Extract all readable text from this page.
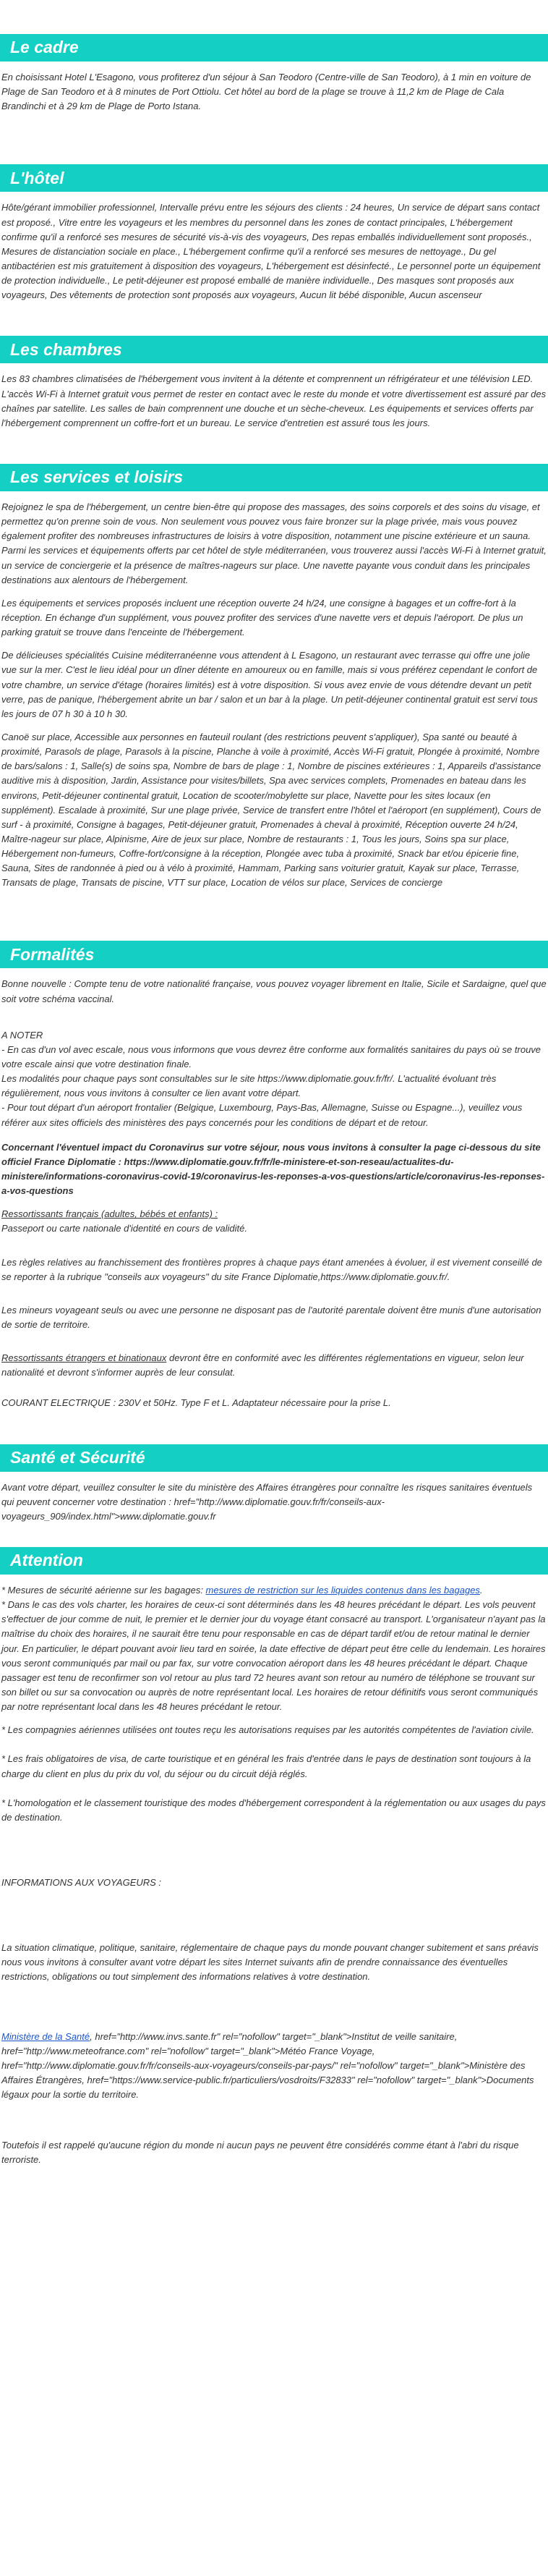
Le cadre

En choisissant Hotel L'Esagono, vous profiterez d'un séjour à San Teodoro (Centre-ville de San Teodoro), à 1 min en voiture de Plage de San Teodoro et à 8 minutes de Port Ottiolu. Cet hôtel au bord de la plage se trouve à 11,2 km de Plage de Cala Brandinchi et à 29 km de Plage de Porto Istana.

L'hôtel

Hôte/gérant immobilier professionnel, Intervalle prévu entre les séjours des clients : 24 heures, Un service de départ sans contact est proposé., Vitre entre les voyageurs et les membres du personnel dans les zones de contact principales, L'hébergement confirme qu'il a renforcé ses mesures de sécurité vis-à-vis des voyageurs, Des repas emballés individuellement sont proposés., Mesures de distanciation sociale en place., L'hébergement confirme qu'il a renforcé ses mesures de nettoyage., Du gel antibactérien est mis gratuitement à disposition des voyageurs, L'hébergement est désinfecté., Le personnel porte un équipement de protection individuelle., Le petit-déjeuner est proposé emballé de manière individuelle., Des masques sont proposés aux voyageurs, Des vêtements de protection sont proposés aux voyageurs, Aucun lit bébé disponible, Aucun ascenseur

Les chambres

Les 83 chambres climatisées de l'hébergement vous invitent à la détente et comprennent un réfrigérateur et une télévision LED. L'accès Wi-Fi à Internet gratuit vous permet de rester en contact avec le reste du monde et votre divertissement est assuré par des chaînes par satellite. Les salles de bain comprennent une douche et un sèche-cheveux. Les équipements et services offerts par l'hébergement comprennent un coffre-fort et un bureau. Le service d'entretien est assuré tous les jours.

Les services et loisirs

Rejoignez le spa de l'hébergement, un centre bien-être qui propose des massages, des soins corporels et des soins du visage, et permettez qu'on prenne soin de vous. Non seulement vous pouvez vous faire bronzer sur la plage privée, mais vous pouvez également profiter des nombreuses infrastructures de loisirs à votre disposition, notamment une piscine extérieure et un sauna. Parmi les services et équipements offerts par cet hôtel de style méditerranéen, vous trouverez aussi l'accès Wi-Fi à Internet gratuit, un service de conciergerie et la présence de maîtres-nageurs sur place. Une navette payante vous conduit dans les principales destinations aux alentours de l'hébergement.

Les équipements et services proposés incluent une réception ouverte 24 h/24, une consigne à bagages et un coffre-fort à la réception. En échange d'un supplément, vous pouvez profiter des services d'une navette vers et depuis l'aéroport. De plus un parking gratuit se trouve dans l'enceinte de l'hébergement.

De délicieuses spécialités Cuisine méditerranéenne vous attendent à L Esagono, un restaurant avec terrasse qui offre une jolie vue sur la mer. C'est le lieu idéal pour un dîner détente en amoureux ou en famille, mais si vous préférez cependant le confort de votre chambre, un service d'étage (horaires limités) est à votre disposition. Si vous avez envie de vous détendre devant un petit verre, pas de panique, l'hébergement abrite un bar / salon et un bar à la plage. Un petit-déjeuner continental gratuit est servi tous les jours de 07 h 30 à 10 h 30.

Canoë sur place, Accessible aux personnes en fauteuil roulant (des restrictions peuvent s'appliquer), Spa santé ou beauté à proximité, Parasols de plage, Parasols à la piscine, Planche à voile à proximité, Accès Wi-Fi gratuit, Plongée à proximité, Nombre de bars/salons : 1, Salle(s) de soins spa, Nombre de bars de plage : 1, Nombre de piscines extérieures : 1, Appareils d'assistance auditive mis à disposition, Jardin, Assistance pour visites/billets, Spa avec services complets, Promenades en bateau dans les environs, Petit-déjeuner continental gratuit, Location de scooter/mobylette sur place, Navette pour les sites locaux (en supplément). Escalade à proximité, Sur une plage privée, Service de transfert entre l'hôtel et l'aéroport (en supplément), Cours de surf - à proximité, Consigne à bagages, Petit-déjeuner gratuit, Promenades à cheval à proximité, Réception ouverte 24 h/24, Maître-nageur sur place, Alpinisme, Aire de jeux sur place, Nombre de restaurants : 1, Tous les jours, Soins spa sur place, Hébergement non-fumeurs, Coffre-fort/consigne à la réception, Plongée avec tuba à proximité, Snack bar et/ou épicerie fine, Sauna, Sites de randonnée à pied ou à vélo à proximité, Hammam, Parking sans voiturier gratuit, Kayak sur place, Terrasse, Transats de plage, Transats de piscine, VTT sur place, Location de vélos sur place, Services de concierge

Formalités

Bonne nouvelle : Compte tenu de votre nationalité française, vous pouvez voyager librement en Italie, Sicile et Sardaigne, quel que soit votre schéma vaccinal.

A NOTER
- En cas d'un vol avec escale, nous vous informons que vous devrez être conforme aux formalités sanitaires du pays où se trouve votre escale ainsi que votre destination finale.
Les modalités pour chaque pays sont consultables sur le site https://www.diplomatie.gouv.fr/fr/. L'actualité évoluant très régulièrement, nous vous invitons à consulter ce lien avant votre départ.
- Pour tout départ d'un aéroport frontalier (Belgique, Luxembourg, Pays-Bas, Allemagne, Suisse ou Espagne...), veuillez vous référer aux sites officiels des ministères des pays concernés pour les conditions de départ et de retour.

Concernant l'éventuel impact du Coronavirus sur votre séjour, nous vous invitons à consulter la page ci-dessous du site officiel France Diplomatie : https://www.diplomatie.gouv.fr/fr/le-ministere-et-son-reseau/actualites-du-ministere/informations-coronavirus-covid-19/coronavirus-les-reponses-a-vos-questions/article/coronavirus-les-reponses-a-vos-questions

Ressortissants français (adultes, bébés et enfants) :

Passeport ou carte nationale d'identité en cours de validité.

Les règles relatives au franchissement des frontières propres à chaque pays étant amenées à évoluer, il est vivement conseillé de se reporter à la rubrique "conseils aux voyageurs" du site France Diplomatie,https://www.diplomatie.gouv.fr/.

Les mineurs voyageant seuls ou avec une personne ne disposant pas de l'autorité parentale doivent être munis d'une autorisation de sortie de territoire.

Ressortissants étrangers et binationaux devront être en conformité avec les différentes réglementations en vigueur, selon leur nationalité et devront s'informer auprès de leur consulat.

COURANT ELECTRIQUE : 230V et 50Hz. Type F et L. Adaptateur nécessaire pour la prise L.

Santé et Sécurité

Avant votre départ, veuillez consulter le site du ministère des Affaires étrangères pour connaître les risques sanitaires éventuels qui peuvent concerner votre destination : href="http://www.diplomatie.gouv.fr/fr/conseils-aux-voyageurs_909/index.html">www.diplomatie.gouv.fr

Attention
* Mesures de sécurité aérienne sur les bagages: mesures de restriction sur les liquides contenus dans les bagages.

* Dans le cas des vols charter, les horaires de ceux-ci sont déterminés dans les 48 heures précédant le départ. Les vols peuvent s'effectuer de jour comme de nuit, le premier et le dernier jour du voyage étant consacré au transport. L'organisateur n'ayant pas la maîtrise du choix des horaires, il ne saurait être tenu pour responsable en cas de départ tardif et/ou de retour matinal le dernier jour. En particulier, le départ pouvant avoir lieu tard en soirée, la date effective de départ peut être celle du lendemain. Les horaires vous seront communiqués par mail ou par fax, sur votre convocation aéroport dans les 48 heures précédant le départ. Chaque passager est tenu de reconfirmer son vol retour au plus tard 72 heures avant son retour au numéro de téléphone se trouvant sur son billet ou sur sa convocation ou auprès de notre représentant local. Les horaires de retour définitifs vous seront communiqués par notre représentant local dans les 48 heures précédant le retour.

* Les compagnies aériennes utilisées ont toutes reçu les autorisations requises par les autorités compétentes de l'aviation civile.

* Les frais obligatoires de visa, de carte touristique et en général les frais d'entrée dans le pays de destination sont toujours à la charge du client en plus du prix du vol, du séjour ou du circuit déjà réglés.

* L'homologation et le classement touristique des modes d'hébergement correspondent à la réglementation ou aux usages du pays de destination.

INFORMATIONS AUX VOYAGEURS :

La situation climatique, politique, sanitaire, réglementaire de chaque pays du monde pouvant changer subitement et sans préavis

nous vous invitons à consulter avant votre départ les sites Internet suivants afin de prendre connaissance des éventuelles restrictions, obligations ou tout simplement des informations relatives à votre destination.

Ministère de la Santé, href="http://www.invs.sante.fr" rel="nofollow" target="_blank">Institut de veille sanitaire, href="http://www.meteofrance.com" rel="nofollow" target="_blank">Météo France Voyage, href="http://www.diplomatie.gouv.fr/fr/conseils-aux-voyageurs/conseils-par-pays/" rel="nofollow" target="_blank">Ministère des Affaires Étrangères, href="https://www.service-public.fr/particuliers/vosdroits/F32833" rel="nofollow" target="_blank">Documents légaux pour la sortie du territoire.

Toutefois il est rappelé qu'aucune région du monde ni aucun pays ne peuvent être considérés comme étant à l'abri du risque terroriste.
